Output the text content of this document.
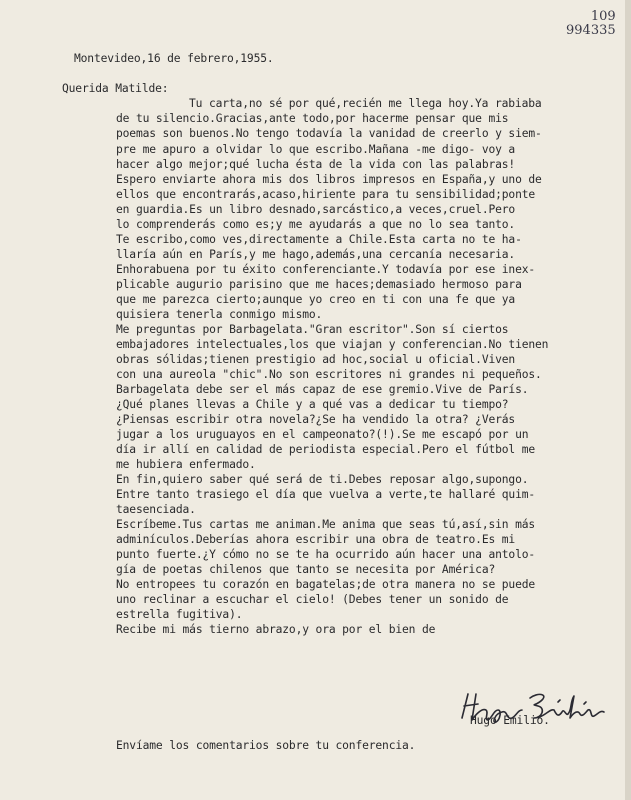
109
994335
Montevideo,16 de febrero,1955.
Querida Matilde:
Tu carta,no sé por qué,recién me llega hoy.Ya rabiaba
de tu silencio.Gracias,ante todo,por hacerme pensar que mis
poemas son buenos.No tengo todavía la vanidad de creerlo y siem-
pre me apuro a olvidar lo que escribo.Mañana -me digo- voy a
hacer algo mejor;qué lucha ésta de la vida con las palabras!
Espero enviarte ahora mis dos libros impresos en España,y uno de
ellos que encontrarás,acaso,hiriente para tu sensibilidad;ponte
en guardia.Es un libro desnado,sarcástico,a veces,cruel.Pero
lo comprenderás como es;y me ayudarás a que no lo sea tanto.
Te escribo,como ves,directamente a Chile.Esta carta no te ha-
llaría aún en París,y me hago,además,una cercanía necesaria.
Enhorabuena por tu éxito conferenciante.Y todavía por ese inex-
plicable augurio parisino que me haces;demasiado hermoso para
que me parezca cierto;aunque yo creo en ti con una fe que ya
quisiera tenerla conmigo mismo.
Me preguntas por Barbagelata."Gran escritor".Son sí ciertos
embajadores intelectuales,los que viajan y conferencian.No tienen
obras sólidas;tienen prestigio ad hoc,social u oficial.Viven
con una aureola "chic".No son escritores ni grandes ni pequeños.
Barbagelata debe ser el más capaz de ese gremio.Vive de París.
¿Qué planes llevas a Chile y a qué vas a dedicar tu tiempo?
¿Piensas escribir otra novela?¿Se ha vendido la otra? ¿Verás
jugar a los uruguayos en el campeonato?(!).Se me escapó por un
día ir allí en calidad de periodista especial.Pero el fútbol me
me hubiera enfermado.
En fin,quiero saber qué será de ti.Debes reposar algo,supongo.
Entre tanto trasiego el día que vuelva a verte,te hallaré quim-
taesenciada.
Escríbeme.Tus cartas me animan.Me anima que seas tú,así,sin más
adminículos.Deberías ahora escribir una obra de teatro.Es mi
punto fuerte.¿Y cómo no se te ha ocurrido aún hacer una antolo-
gía de poetas chilenos que tanto se necesita por América?
No entropees tu corazón en bagatelas;de otra manera no se puede
uno reclinar a escuchar el cielo! (Debes tener un sonido de
estrella fugitiva).
Recibe mi más tierno abrazo,y ora por el bien de
Hugo Emilio.
Envíame los comentarios sobre tu conferencia.
